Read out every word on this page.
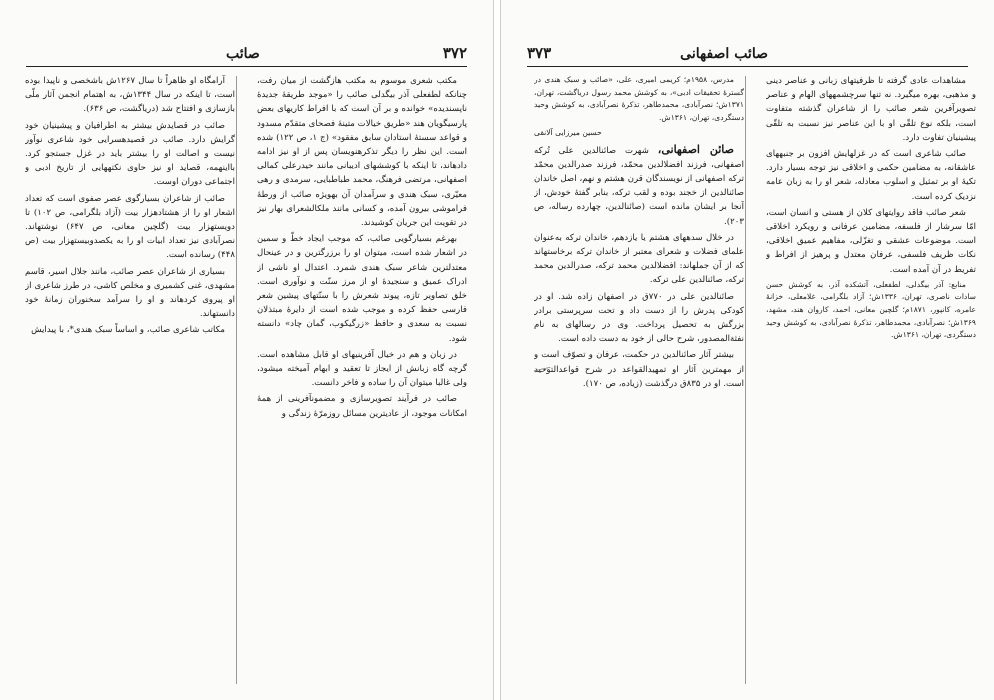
صائب	۳۷۲

مکتب شعری موسوم به مکتب هازگشت از میان رفت، چنانکه لطفعلی آذر بیگدلی صائب را «موجد طریقهٔ جدیدهٔ ناپسندیده» خوانده و بر آن است که با افراط کاریهای بعض پارسیگویان هند «طریق خیالات متینهٔ فصحای متقدّم مسدود و قواعد سستهٔ استادان سابق مفقود» (ج ۱، ص ۱۲۲) شده است. این نظر را دیگر تذکرهنویسان پس از او نیز ادامه دادهاند، تا اینکه با کوششهای ادیبانی مانند حیدرعلی کمالی اصفهانی، مرتضی فرهنگ، محمد طباطبایی، سرمدی و رهی معیّری، سبک هندی و سرآمدان آن بهویژه صائب از ورطهٔ فراموشی بیرون آمده، و کسانی مانند ملکالشعرای بهار نیز در تقویت این جریان کوشیدند.

بهرغم بسیارگویی صائب، که موجب ایجاد خطّ و سمین در اشعار شده است، میتوان او را برزرگترین و در عینحال معتدلترین شاعر سبک هندی شمرد. اعتدال او ناشی از ادراک عمیق و سنجیدهٔ او از مرز سنّت و نوآوری است. خلق تصاویر تازه، پیوند شعرش را با سنّتهای پیشین شعر فارسی حفظ کرده و موجب شده است از دایرهٔ مبتذلان نسبت به سعدی و حافظ «زرگیکوب، گمان چاد» دانسته شود.

در زبان و هم در خیال آفرینیهای او قابل مشاهده است. گرچه گاه زبانش از ایجاز تا تعقید و ابهام آمیخته میشود، ولی غالبا میتوان آن را ساده و فاخر دانست.

صائب در فرآیند تصویرسازی و مضمونآفرینی از همهٔ امکانات موجود، از عادیترین مسائل روزمرّهٔ زندگی و

آرامگاه او ظاهراً تا سال ۱۲۶۷ش باشخصی و ناپیدا بوده است، تا اینکه در سال ۱۳۴۴ش، به اهتمام انجمن آثار ملّی بازسازی و افتتاح شد (دریاگشت، ص ۶۳۶).

صائب در قصایدش بیشتر به اطرافیان و پیشینیان خود گرایش دارد. صائب در قصیدهسرایی خود شاعری نوآور نیست و اصالت او را بیشتر باید در غزل جستجو کرد. بااینهمه، قصاید او نیز حاوی نکتههایی از تاریخ ادبی و اجتماعی دوران اوست.

صائب از شاعران بسیارگوی عصر صفوی است که تعداد اشعار او را از هشتادهزار بیت (آزاد بلگرامی، ص ۱۰۲) تا دویستهزار بیت (گلچین معانی، ص ۶۴۷) نوشتهاند. نصرآبادی نیز تعداد ابیات او را به یکصدوبیستهزار بیت (ص ۴۴۸) رسانده است.

بسیاری از شاعران عصر صائب، مانند جلال اسیر، قاسم مشهدی، غنی کشمیری و مخلص کاشی، در طرز شاعری از او پیروی کردهاند و او را سرآمد سخنوران زمانهٔ خود دانستهاند.

مکاتب شاعری صائب، و اساساً سبک هندی*، با پیدایش

۳۷۳	صائب اصفهانی

مشاهدات عادی گرفته تا ظرفیتهای زبانی و عناصر دینی و مذهبی، بهره میگیرد. نه تنها سرچشمههای الهام و عناصر تصویرآفرین شعر صائب را از شاعران گذشته متفاوت است، بلکه نوع تلقّی او با این عناصر نیز نسبت به تلقّی پیشینیان تفاوت دارد.

صائب شاعری است که در غزلهایش افزون بر جنبههای عاشقانه، به مضامین حکمی و اخلاقی نیز توجه بسیار دارد. تکیهٔ او بر تمثیل و اسلوب معادله، شعر او را به زبان عامه نزدیک کرده است.

شعر صائب فاقد روایتهای کلان از هستی و انسان است، امّا سرشار از فلسفه، مضامین عرفانی و رویکرد اخلاقی است. موضوعات عشقی و تغزّلی، مفاهیم عمیق اخلاقی، نکات ظریف فلسفی، عرفان معتدل و پرهیز از افراط و تفریط در آن آمده است.

منابع: آذر بیگدلی، لطفعلی، آتشکده آذر، به کوشش حسن سادات ناصری، تهران، ۱۳۳۶ش؛ آزاد بلگرامی، غلامعلی، خزانهٔ عامره، کانپور، ۱۸۷۱م؛ گلچین معانی، احمد، کاروان هند، مشهد، ۱۳۶۹ش؛ نصرآبادی، محمدطاهر، تذکرهٔ نصرآبادی، به کوشش وحید دستگردی، تهران، ۱۳۶۱ش.

مدرس، ۱۹۵۸م؛ کریمی امیری، علی، «صائب و سبک هندی در گسترهٔ تحقیقات ادبی»، به کوشش محمد رسول دریاگشت، تهران، ۱۳۷۱ش؛ نصرآبادی، محمدطاهر، تذکرهٔ نصرآبادی، به کوشش وحید دستگردی، تهران، ۱۳۶۱ش.

حسین میرزایی آلانقی

صائن اصفهانی، شهرت صائنالدین علی تُرکه اصفهانی، فرزند افضلالدین محمّد، فرزند صدرالدین محمّد ترکه اصفهانی از نویسندگان قرن هشتم و نهم، اصل خاندان صائنالدین از خجند بوده و لقب ترکه، بنابر گفتهٔ خودش، از آنجا بر ایشان مانده است (صائنالدین، چهارده رساله، ص ۲۰۳).

در خلال سدههای هشتم یا یازدهم، خاندان ترکه به‌عنوان علمای فضلات و شعرای معتبر از خاندان ترکه برخاستهاند که از آن جملهاند: افضلالدین محمد ترکه، صدرالدین محمد ترکه، صائنالدین علی ترکه.

صائنالدین علی در ۷۷۰ق در اصفهان زاده شد. او در کودکی پدرش را از دست داد و تحت سرپرستی برادر بزرگش به تحصیل پرداخت. وی در رسالهای به نام نفثةالمصدور، شرح حالی از خود به دست داده است.

بیشتر آثار صائنالدین در حکمت، عرفان و تصوّف است و از مهمترین آثار او تمهیدالقواعد در شرح قواعدالتوحید است. او در ۸۳۵ق درگذشت (زیاده، ص ۱۷۰).
